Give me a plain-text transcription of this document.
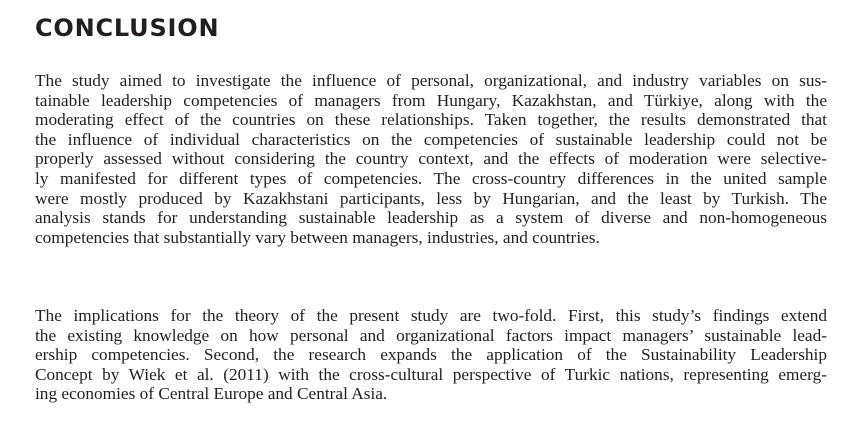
CONCLUSION
The study aimed to investigate the influence of personal, organizational, and industry variables on sus-
tainable leadership competencies of managers from Hungary, Kazakhstan, and Türkiye, along with the
moderating effect of the countries on these relationships. Taken together, the results demonstrated that
the influence of individual characteristics on the competencies of sustainable leadership could not be
properly assessed without considering the country context, and the effects of moderation were selective-
ly manifested for different types of competencies. The cross-country differences in the united sample
were mostly produced by Kazakhstani participants, less by Hungarian, and the least by Turkish. The
analysis stands for understanding sustainable leadership as a system of diverse and non-homogeneous
competencies that substantially vary between managers, industries, and countries.
The implications for the theory of the present study are two-fold. First, this study’s findings extend
the existing knowledge on how personal and organizational factors impact managers’ sustainable lead-
ership competencies. Second, the research expands the application of the Sustainability Leadership
Concept by Wiek et al. (2011) with the cross-cultural perspective of Turkic nations, representing emerg-
ing economies of Central Europe and Central Asia.
